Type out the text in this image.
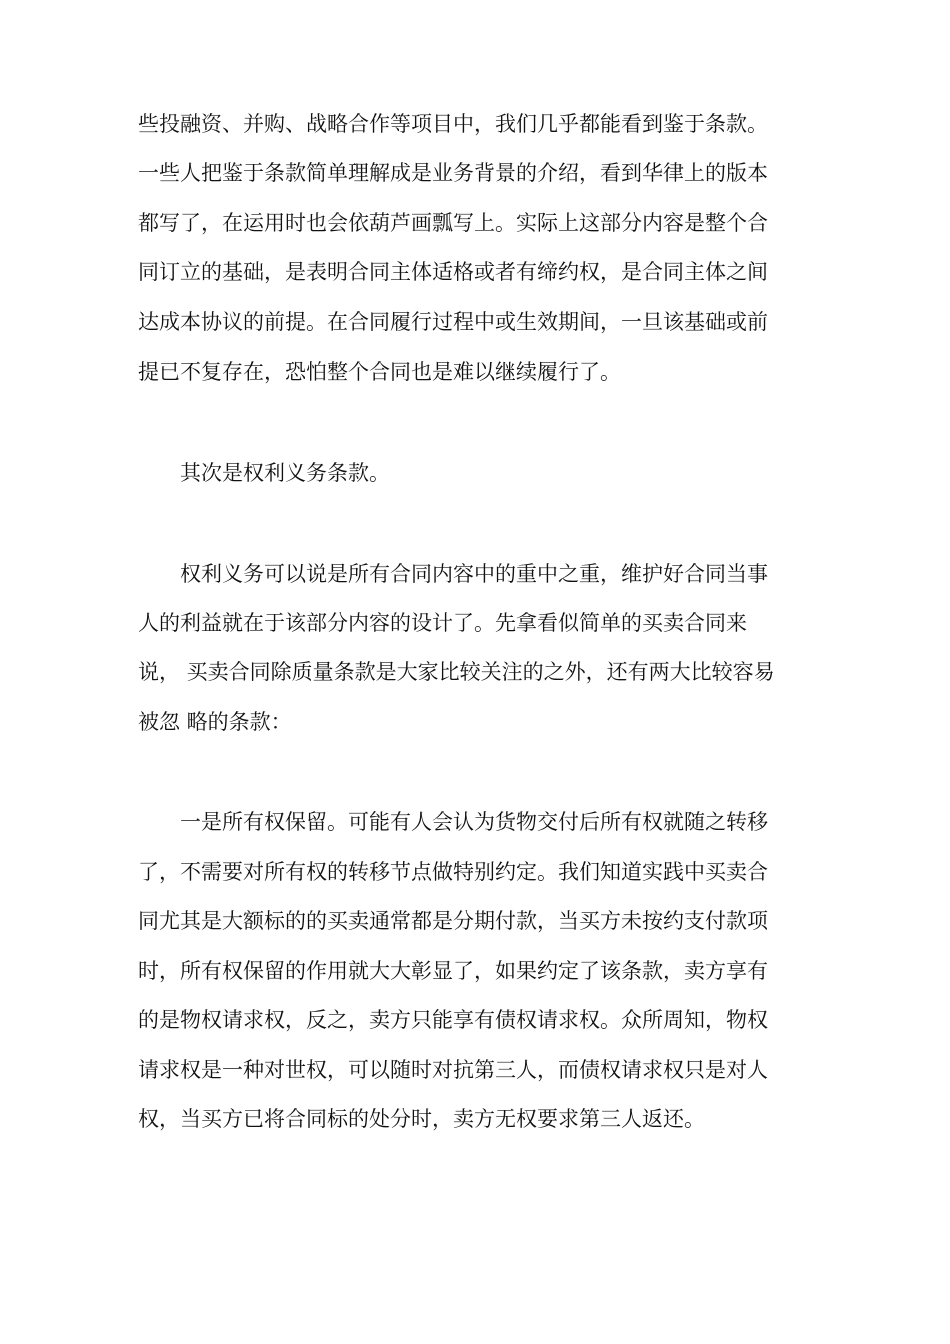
些投融资、并购、战略合作等项目中，我们几乎都能看到鉴于条款。
一些人把鉴于条款简单理解成是业务背景的介绍，看到华律上的版本
都写了，在运用时也会依葫芦画瓢写上。实际上这部分内容是整个合
同订立的基础，是表明合同主体适格或者有缔约权，是合同主体之间
达成本协议的前提。在合同履行过程中或生效期间，一旦该基础或前
提已不复存在，恐怕整个合同也是难以继续履行了。
其次是权利义务条款。
权利义务可以说是所有合同内容中的重中之重，维护好合同当事
人的利益就在于该部分内容的设计了。先拿看似简单的买卖合同来
说， 买卖合同除质量条款是大家比较关注的之外，还有两大比较容易
被忽 略的条款：
一是所有权保留。可能有人会认为货物交付后所有权就随之转移
了，不需要对所有权的转移节点做特别约定。我们知道实践中买卖合
同尤其是大额标的的买卖通常都是分期付款，当买方未按约支付款项
时，所有权保留的作用就大大彰显了，如果约定了该条款，卖方享有
的是物权请求权，反之，卖方只能享有债权请求权。众所周知，物权
请求权是一种对世权，可以随时对抗第三人，而债权请求权只是对人
权，当买方已将合同标的处分时，卖方无权要求第三人返还。
